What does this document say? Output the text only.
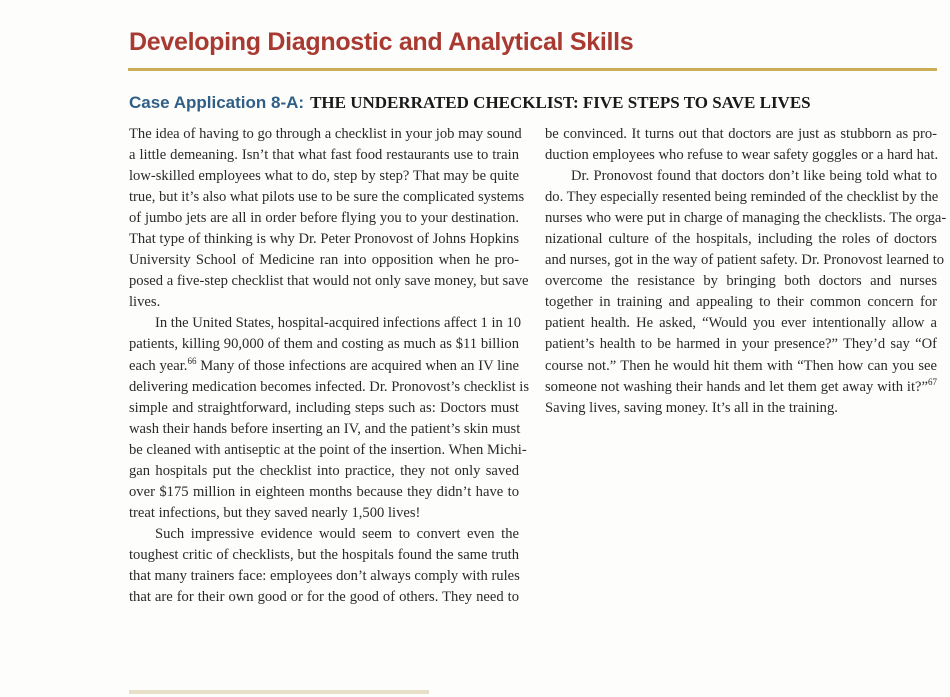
Developing Diagnostic and Analytical Skills
Case Application 8-A: THE UNDERRATED CHECKLIST: FIVE STEPS TO SAVE LIVES
The idea of having to go through a checklist in your job may sound
a little demeaning. Isn’t that what fast food restaurants use to train
low-skilled employees what to do, step by step? That may be quite
true, but it’s also what pilots use to be sure the complicated systems
of jumbo jets are all in order before flying you to your destination.
That type of thinking is why Dr. Peter Pronovost of Johns Hopkins
University School of Medicine ran into opposition when he pro-
posed a five-step checklist that would not only save money, but save
lives.
In the United States, hospital-acquired infections affect 1 in 10
patients, killing 90,000 of them and costing as much as $11 billion
each year.$^{66}$ Many of those infections are acquired when an IV line
delivering medication becomes infected. Dr. Pronovost’s checklist is
simple and straightforward, including steps such as: Doctors must
wash their hands before inserting an IV, and the patient’s skin must
be cleaned with antiseptic at the point of the insertion. When Michi-
gan hospitals put the checklist into practice, they not only saved
over $175 million in eighteen months because they didn’t have to
treat infections, but they saved nearly 1,500 lives!
Such impressive evidence would seem to convert even the
toughest critic of checklists, but the hospitals found the same truth
that many trainers face: employees don’t always comply with rules
that are for their own good or for the good of others. They need to
be convinced. It turns out that doctors are just as stubborn as pro-
duction employees who refuse to wear safety goggles or a hard hat.
Dr. Pronovost found that doctors don’t like being told what to
do. They especially resented being reminded of the checklist by the
nurses who were put in charge of managing the checklists. The orga-
nizational culture of the hospitals, including the roles of doctors
and nurses, got in the way of patient safety. Dr. Pronovost learned to
overcome the resistance by bringing both doctors and nurses
together in training and appealing to their common concern for
patient health. He asked, “Would you ever intentionally allow a
patient’s health to be harmed in your presence?” They’d say “Of
course not.” Then he would hit them with “Then how can you see
someone not washing their hands and let them get away with it?”$^{67}$
Saving lives, saving money. It’s all in the training.
